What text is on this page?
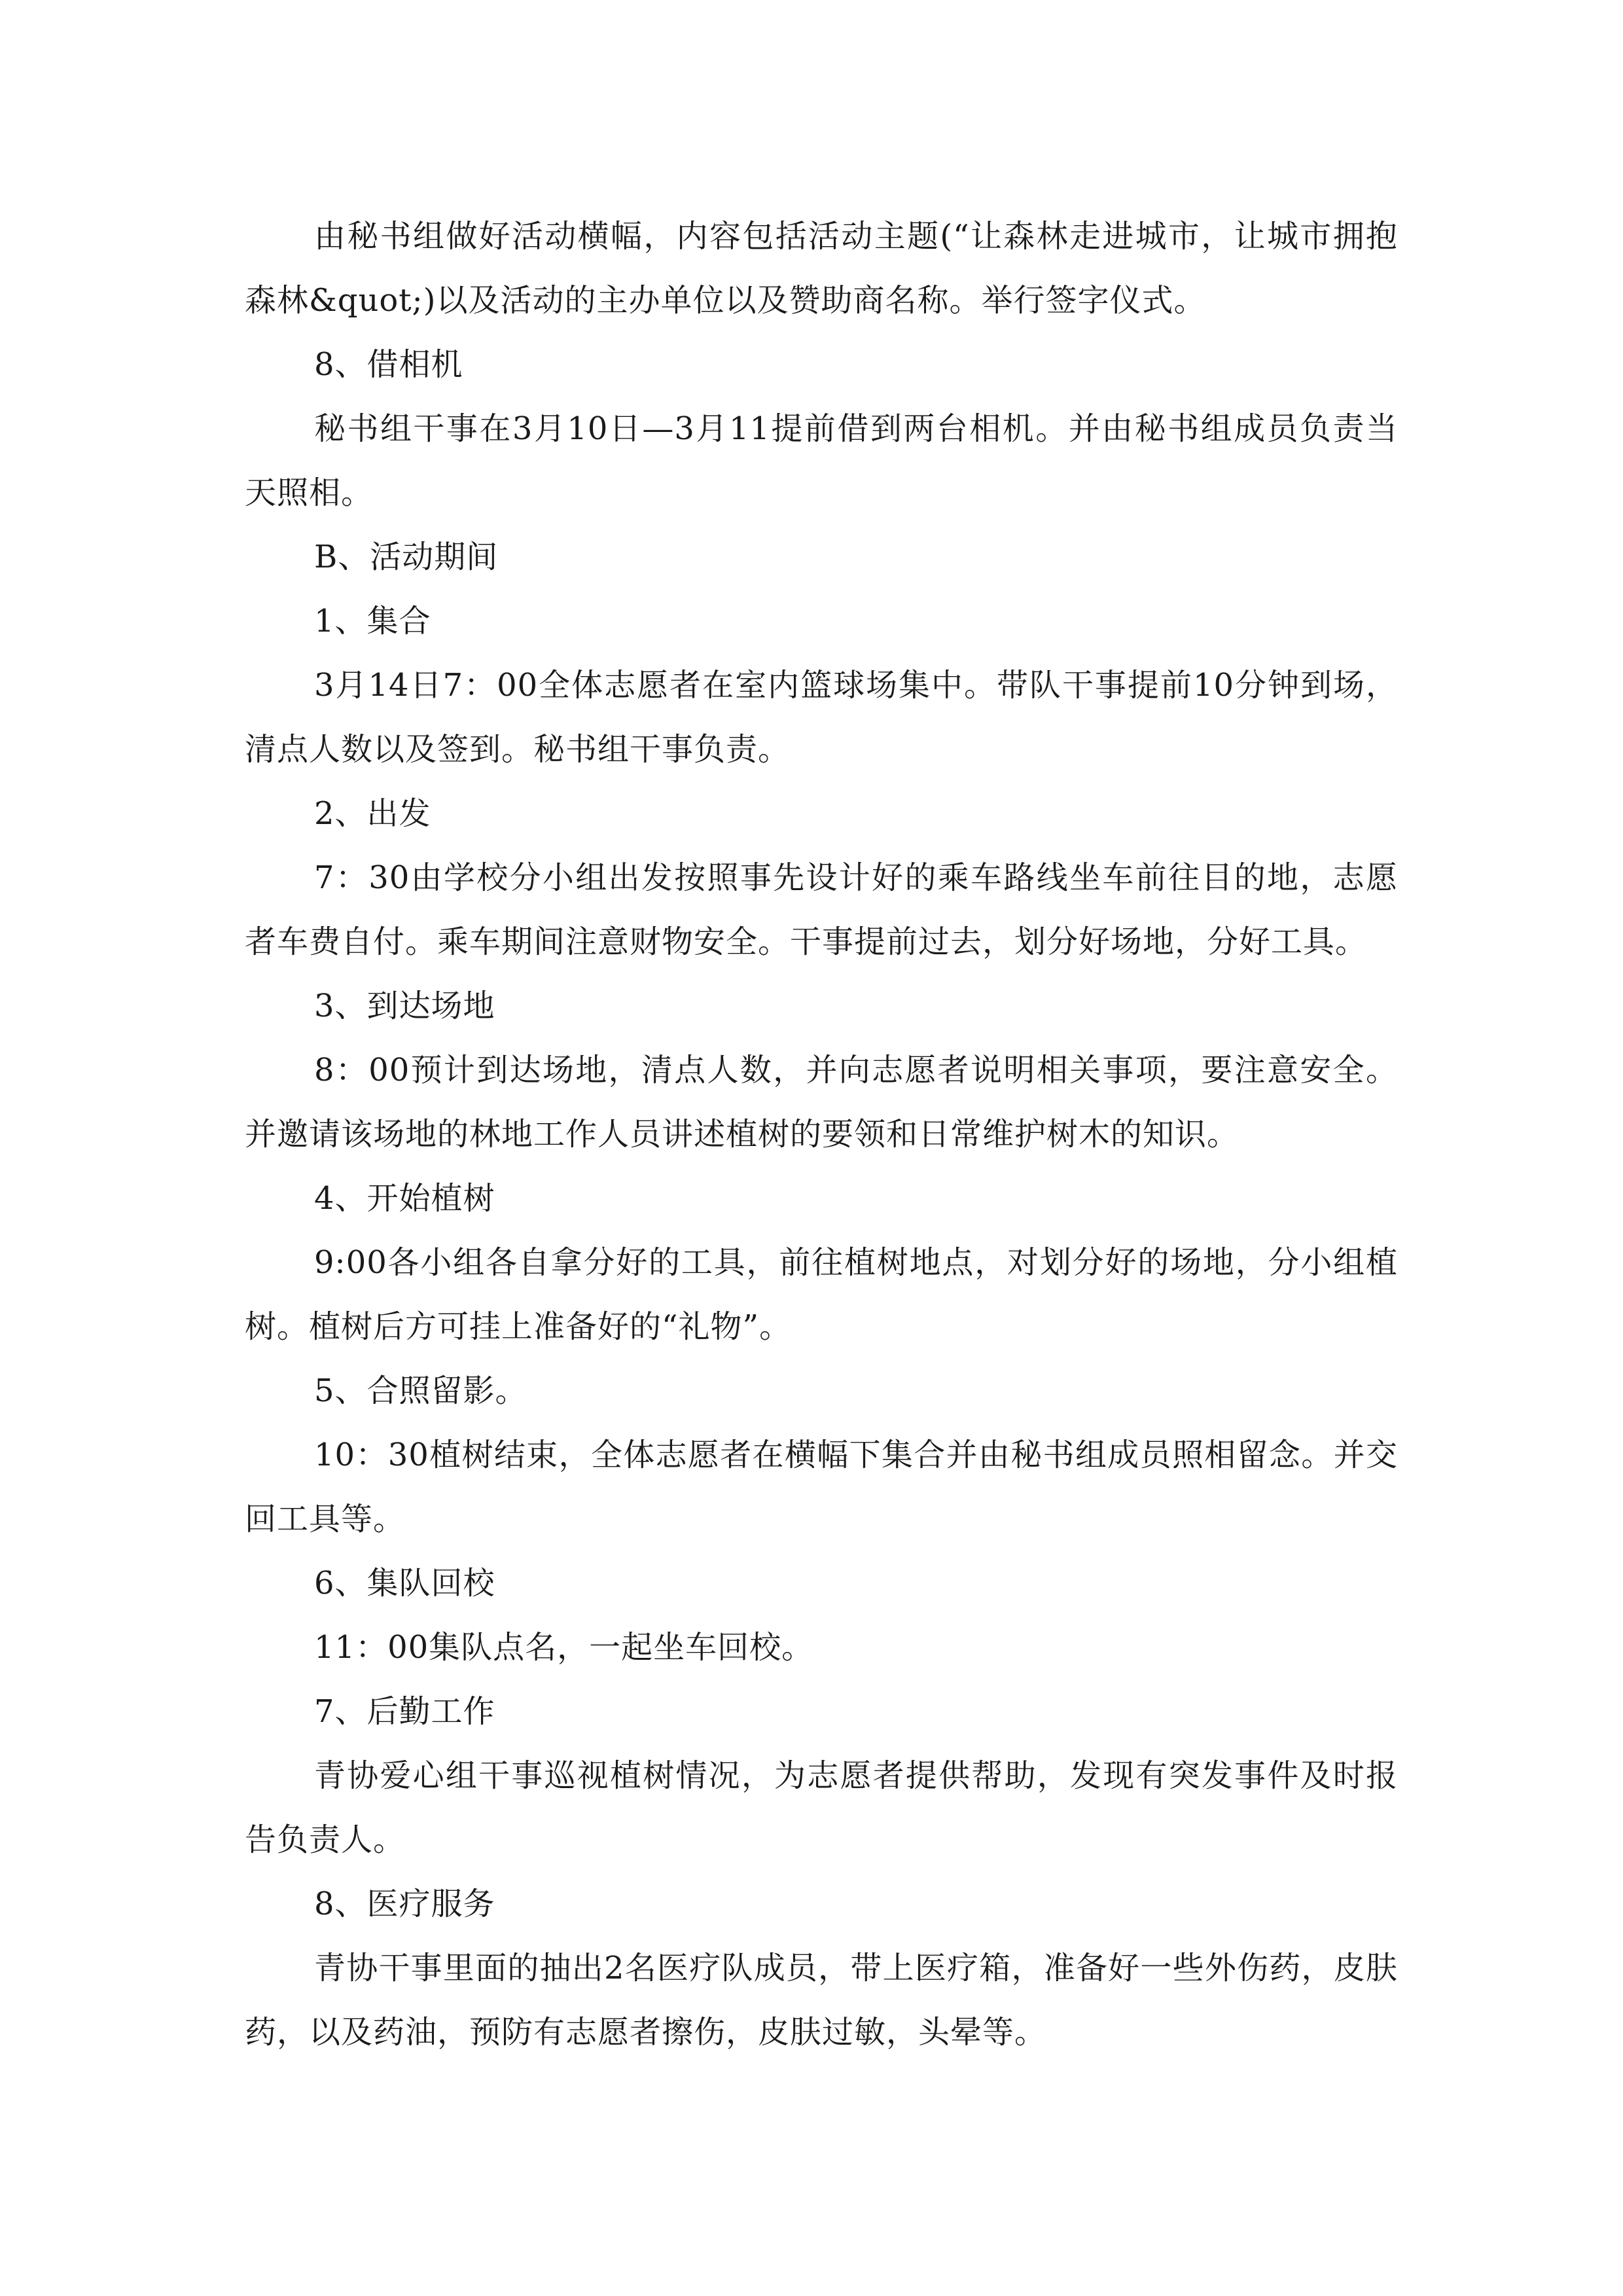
由秘书组做好活动横幅，内容包括活动主题(“让森林走进城市，让城市拥抱森林&quot;)以及活动的主办单位以及赞助商名称。举行签字仪式。

8、借相机

秘书组干事在3月10日—3月11提前借到两台相机。并由秘书组成员负责当天照相。

B、活动期间

1、集合

3月14日7：00全体志愿者在室内篮球场集中。带队干事提前10分钟到场，清点人数以及签到。秘书组干事负责。

2、出发

7：30由学校分小组出发按照事先设计好的乘车路线坐车前往目的地，志愿者车费自付。乘车期间注意财物安全。干事提前过去，划分好场地，分好工具。

3、到达场地

8：00预计到达场地，清点人数，并向志愿者说明相关事项，要注意安全。并邀请该场地的林地工作人员讲述植树的要领和日常维护树木的知识。

4、开始植树

9:00各小组各自拿分好的工具，前往植树地点，对划分好的场地，分小组植树。植树后方可挂上准备好的“礼物”。

5、合照留影。

10：30植树结束，全体志愿者在横幅下集合并由秘书组成员照相留念。并交回工具等。

6、集队回校

11：00集队点名，一起坐车回校。

7、后勤工作

青协爱心组干事巡视植树情况，为志愿者提供帮助，发现有突发事件及时报告负责人。

8、医疗服务

青协干事里面的抽出2名医疗队成员，带上医疗箱，准备好一些外伤药，皮肤药，以及药油，预防有志愿者擦伤，皮肤过敏，头晕等。
